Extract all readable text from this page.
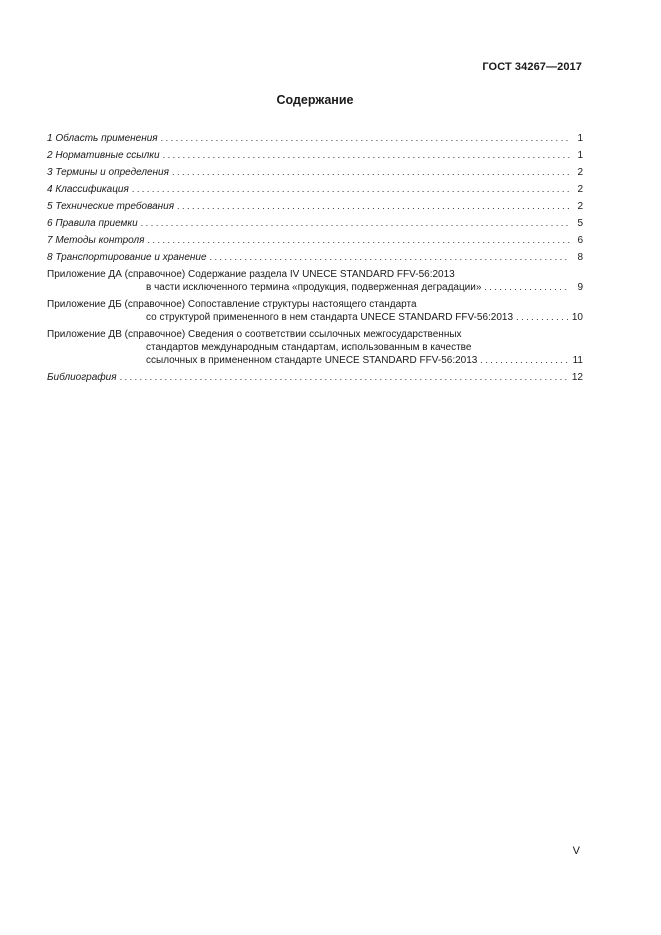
ГОСТ 34267—2017
Содержание
1 Область применения . . .	1
2 Нормативные ссылки . . .	1
3 Термины и определения . . .	2
4 Классификация . . .	2
5 Технические требования . . .	2
6 Правила приемки . . .	5
7 Методы контроля . . .	6
8 Транспортирование и хранение . . .	8
Приложение ДА (справочное) Содержание раздела IV UNECE STANDARD FFV-56:2013
в части исключенного термина «продукция, подверженная деградации» . . .	9
Приложение ДБ (справочное) Сопоставление структуры настоящего стандарта
со структурой примененного в нем стандарта UNECE STANDARD FFV-56:2013 . . .	10
Приложение ДВ (справочное) Сведения о соответствии ссылочных межгосударственных
стандартов международным стандартам, использованным в качестве
ссылочных в примененном стандарте UNECE STANDARD FFV-56:2013 . . .	11
Библиография . . .	12
V
